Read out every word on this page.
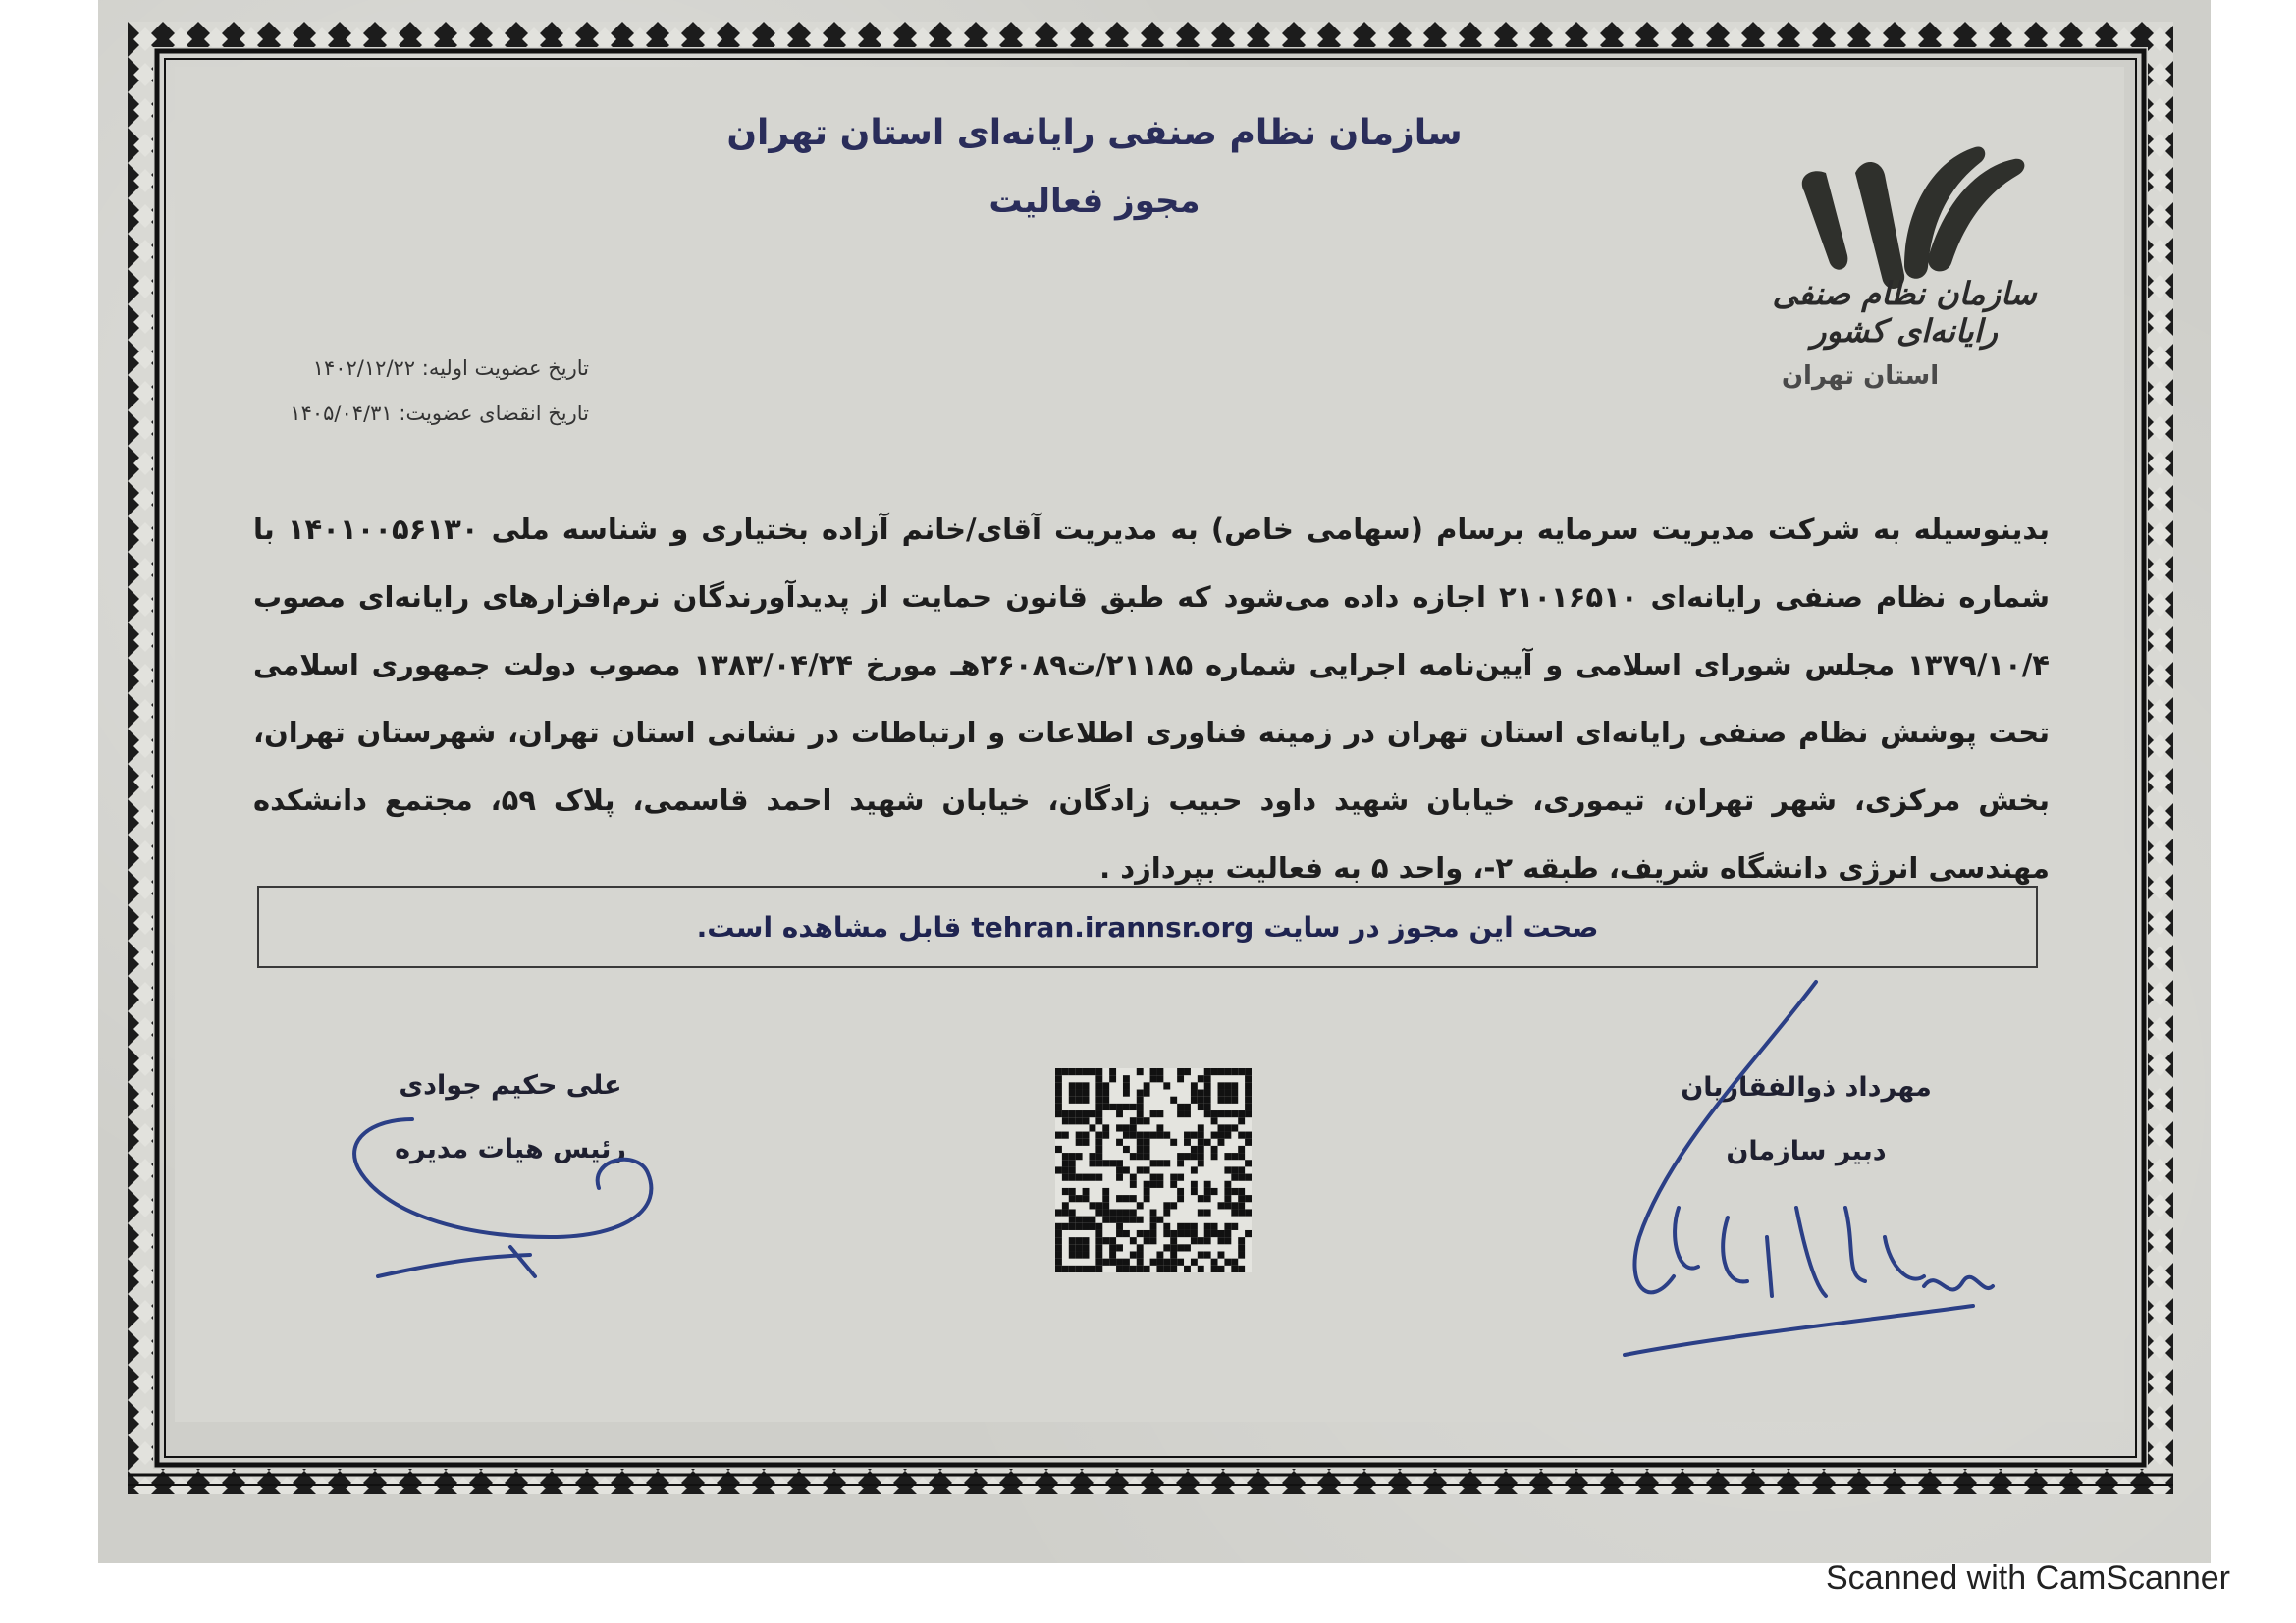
سازمان نظام صنفی رایانه‌ای استان تهران
مجوز فعالیت
سازمان نظام صنفی رایانه‌ای کشور
استان تهران
تاریخ عضویت اولیه: ۱۴۰۲/۱۲/۲۲
تاریخ انقضای عضویت: ۱۴۰۵/۰۴/۳۱
بدینوسیله به شرکت مدیریت سرمایه برسام (سهامی خاص) به مدیریت آقای/خانم آزاده بختیاری و شناسه ملی ۱۴۰۱۰۰۵۶۱۳۰ با شماره نظام صنفی رایانه‌ای ۲۱۰۱۶۵۱۰ اجازه داده می‌شود که طبق قانون حمایت از پدیدآورندگان نرم‌افزارهای رایانه‌ای مصوب ۱۳۷۹/۱۰/۴ مجلس شورای اسلامی و آیین‌نامه اجرایی شماره ۲۱۱۸۵/ت۲۶۰۸۹هـ مورخ ۱۳۸۳/۰۴/۲۴ مصوب دولت جمهوری اسلامی تحت پوشش نظام صنفی رایانه‌ای استان تهران در زمینه فناوری اطلاعات و ارتباطات در نشانی استان تهران، شهرستان تهران، بخش مرکزی، شهر تهران، تیموری، خیابان شهید داود حبیب زادگان، خیابان شهید احمد قاسمی، پلاک ۵۹، مجتمع دانشکده مهندسی انرژی دانشگاه شریف، طبقه ۲-، واحد ۵ به فعالیت بپردازد .
صحت این مجوز در سایت
tehran.irannsr.org
قابل مشاهده است.
علی حکیم جوادی
رئیس هیات مدیره
مهرداد ذوالفقاریان
دبیر سازمان
Scanned with CamScanner
